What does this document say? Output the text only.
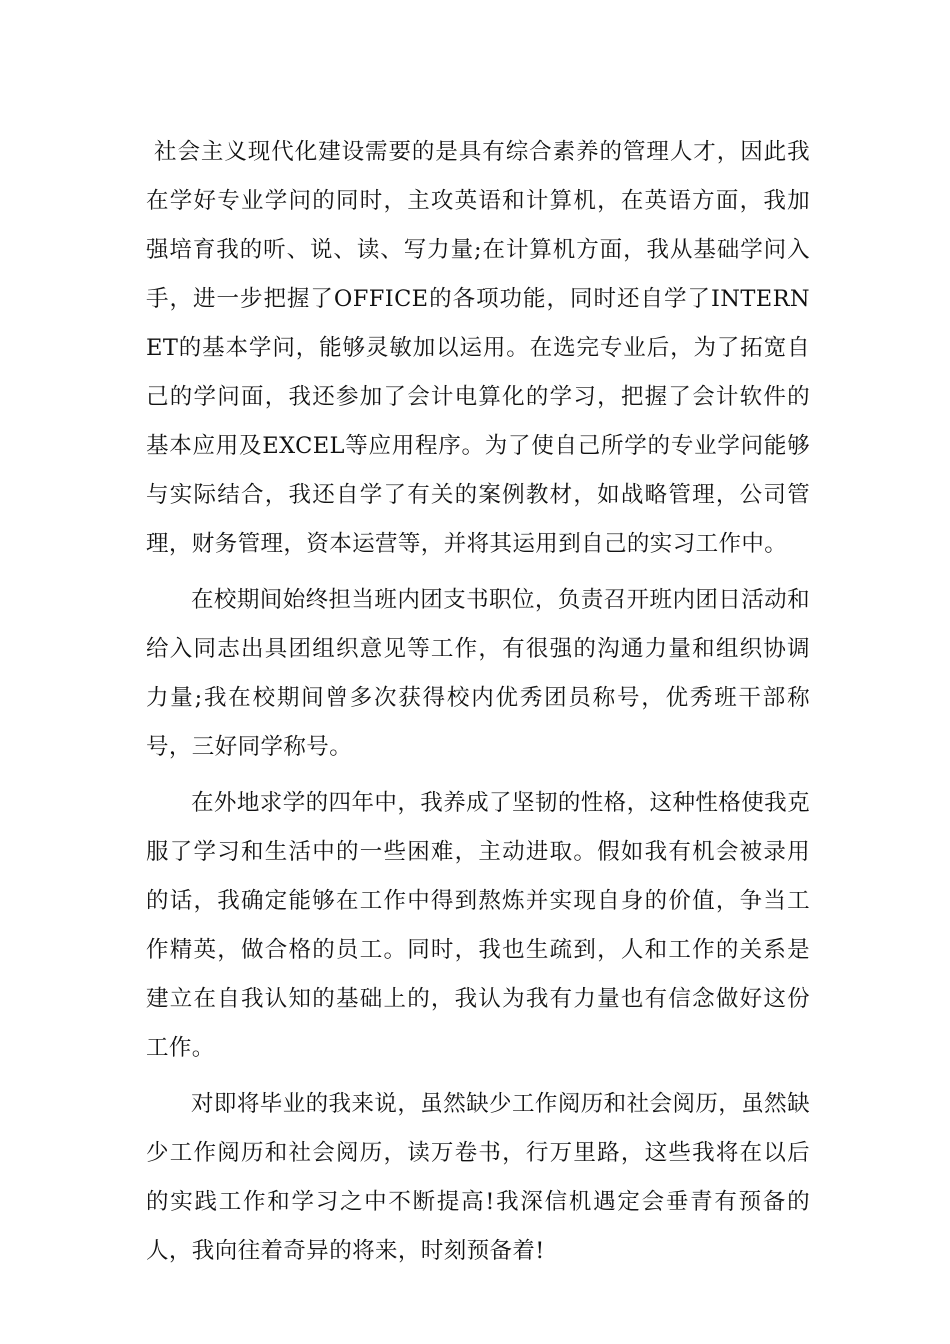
社会主义现代化建设需要的是具有综合素养的管理人才，因此我在学好专业学问的同时，主攻英语和计算机，在英语方面，我加强培育我的听、说、读、写力量;在计算机方面，我从基础学问入手，进一步把握了OFFICE的各项功能，同时还自学了INTERNET的基本学问，能够灵敏加以运用。在选完专业后，为了拓宽自己的学问面，我还参加了会计电算化的学习，把握了会计软件的基本应用及EXCEL等应用程序。为了使自己所学的专业学问能够与实际结合，我还自学了有关的案例教材，如战略管理，公司管理，财务管理，资本运营等，并将其运用到自己的实习工作中。

在校期间始终担当班内团支书职位，负责召开班内团日活动和给入同志出具团组织意见等工作，有很强的沟通力量和组织协调力量;我在校期间曾多次获得校内优秀团员称号，优秀班干部称号，三好同学称号。

在外地求学的四年中，我养成了坚韧的性格，这种性格使我克服了学习和生活中的一些困难，主动进取。假如我有机会被录用的话，我确定能够在工作中得到熬炼并实现自身的价值，争当工作精英，做合格的员工。同时，我也生疏到，人和工作的关系是建立在自我认知的基础上的，我认为我有力量也有信念做好这份工作。

对即将毕业的我来说，虽然缺少工作阅历和社会阅历，虽然缺少工作阅历和社会阅历，读万卷书，行万里路，这些我将在以后的实践工作和学习之中不断提高!我深信机遇定会垂青有预备的人，我向往着奇异的将来，时刻预备着!
